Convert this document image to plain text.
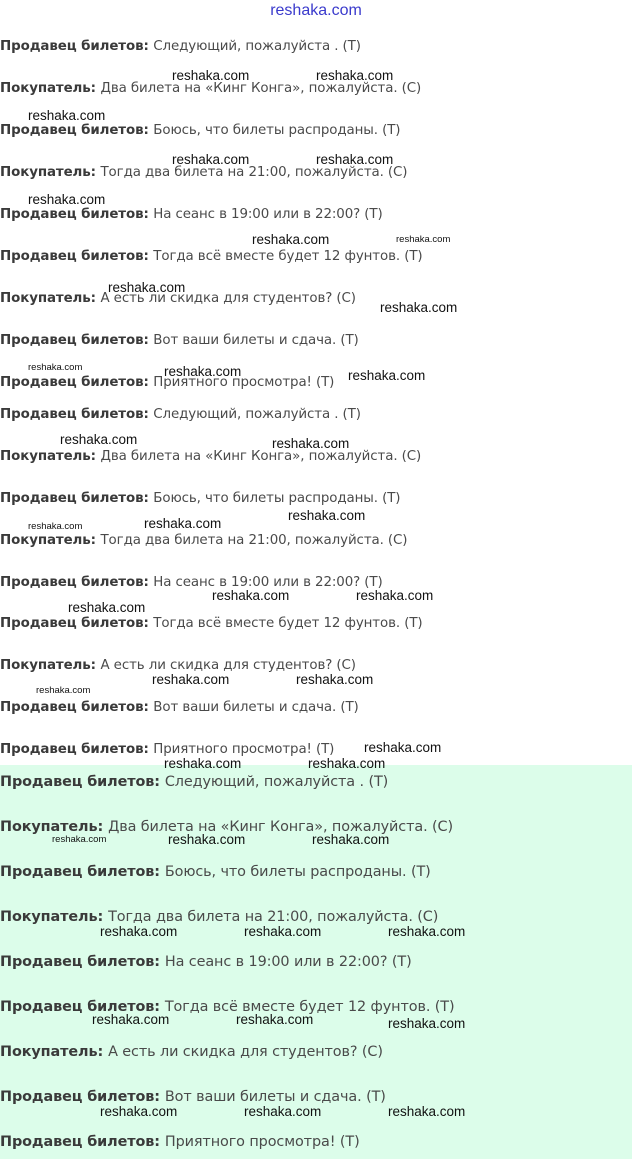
reshaka.com
Продавец билетов: Следующий, пожалуйста . (T)
Покупатель: Два билета на «Кинг Конга», пожалуйста. (C)
Продавец билетов: Боюсь, что билеты распроданы. (T)
Покупатель: Тогда два билета на 21:00, пожалуйста. (C)
Продавец билетов: На сеанс в 19:00 или в 22:00? (T)
Продавец билетов: Тогда всё вместе будет 12 фунтов. (T)
Покупатель: А есть ли скидка для студентов? (C)
Продавец билетов: Вот ваши билеты и сдача. (T)
Продавец билетов: Приятного просмотра! (T)
Продавец билетов: Следующий, пожалуйста . (T)
Покупатель: Два билета на «Кинг Конга», пожалуйста. (C)
Продавец билетов: Боюсь, что билеты распроданы. (T)
Покупатель: Тогда два билета на 21:00, пожалуйста. (C)
Продавец билетов: На сеанс в 19:00 или в 22:00? (T)
Продавец билетов: Тогда всё вместе будет 12 фунтов. (T)
Покупатель: А есть ли скидка для студентов? (C)
Продавец билетов: Вот ваши билеты и сдача. (T)
Продавец билетов: Приятного просмотра! (T)
Продавец билетов: Следующий, пожалуйста . (T)
Покупатель: Два билета на «Кинг Конга», пожалуйста. (C)
Продавец билетов: Боюсь, что билеты распроданы. (T)
Покупатель: Тогда два билета на 21:00, пожалуйста. (C)
Продавец билетов: На сеанс в 19:00 или в 22:00? (T)
Продавец билетов: Тогда всё вместе будет 12 фунтов. (T)
Покупатель: А есть ли скидка для студентов? (C)
Продавец билетов: Вот ваши билеты и сдача. (T)
Продавец билетов: Приятного просмотра! (T)
reshaka.com	reshaka.com
reshaka.com
reshaka.com	reshaka.com
reshaka.com
reshaka.com	reshaka.com
reshaka.com
reshaka.com
reshaka.com	reshaka.com	reshaka.com
reshaka.com	reshaka.com
reshaka.com
reshaka.com	reshaka.com
reshaka.com	reshaka.com
reshaka.com
reshaka.com	reshaka.com
reshaka.com
reshaka.com
reshaka.com	reshaka.com
reshaka.com	reshaka.com	reshaka.com
reshaka.com	reshaka.com	reshaka.com
reshaka.com	reshaka.com	reshaka.com
reshaka.com	reshaka.com	reshaka.com
